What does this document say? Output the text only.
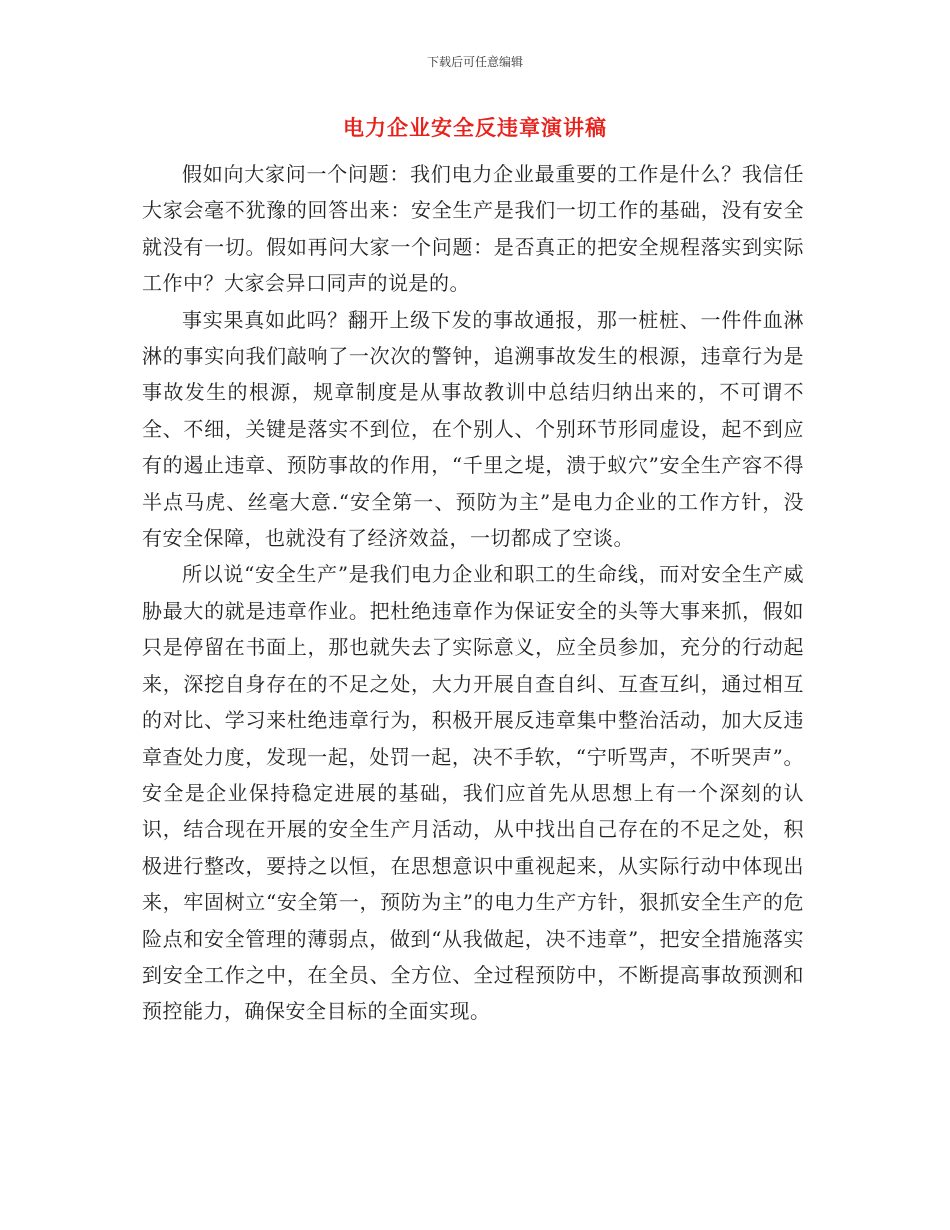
下载后可任意编辑
电力企业安全反违章演讲稿

假如向大家问一个问题：我们电力企业最重要的工作是什么？我信任大家会毫不犹豫的回答出来：安全生产是我们一切工作的基础，没有安全就没有一切。假如再问大家一个问题：是否真正的把安全规程落实到实际工作中？大家会异口同声的说是的。

事实果真如此吗？翻开上级下发的事故通报，那一桩桩、一件件血淋淋的事实向我们敲响了一次次的警钟，追溯事故发生的根源，违章行为是事故发生的根源，规章制度是从事故教训中总结归纳出来的，不可谓不全、不细，关键是落实不到位，在个别人、个别环节形同虚设，起不到应有的遏止违章、预防事故的作用，“千里之堤，溃于蚁穴”安全生产容不得半点马虎、丝毫大意.“安全第一、预防为主”是电力企业的工作方针，没有安全保障，也就没有了经济效益，一切都成了空谈。

所以说“安全生产”是我们电力企业和职工的生命线，而对安全生产威胁最大的就是违章作业。把杜绝违章作为保证安全的头等大事来抓，假如只是停留在书面上，那也就失去了实际意义，应全员参加，充分的行动起来，深挖自身存在的不足之处，大力开展自查自纠、互查互纠，通过相互的对比、学习来杜绝违章行为，积极开展反违章集中整治活动，加大反违章查处力度，发现一起，处罚一起，决不手软，“宁听骂声，不听哭声”。安全是企业保持稳定进展的基础，我们应首先从思想上有一个深刻的认识，结合现在开展的安全生产月活动，从中找出自己存在的不足之处，积极进行整改，要持之以恒，在思想意识中重视起来，从实际行动中体现出来，牢固树立“安全第一，预防为主”的电力生产方针，狠抓安全生产的危险点和安全管理的薄弱点，做到“从我做起，决不违章”，把安全措施落实到安全工作之中，在全员、全方位、全过程预防中，不断提高事故预测和预控能力，确保安全目标的全面实现。
